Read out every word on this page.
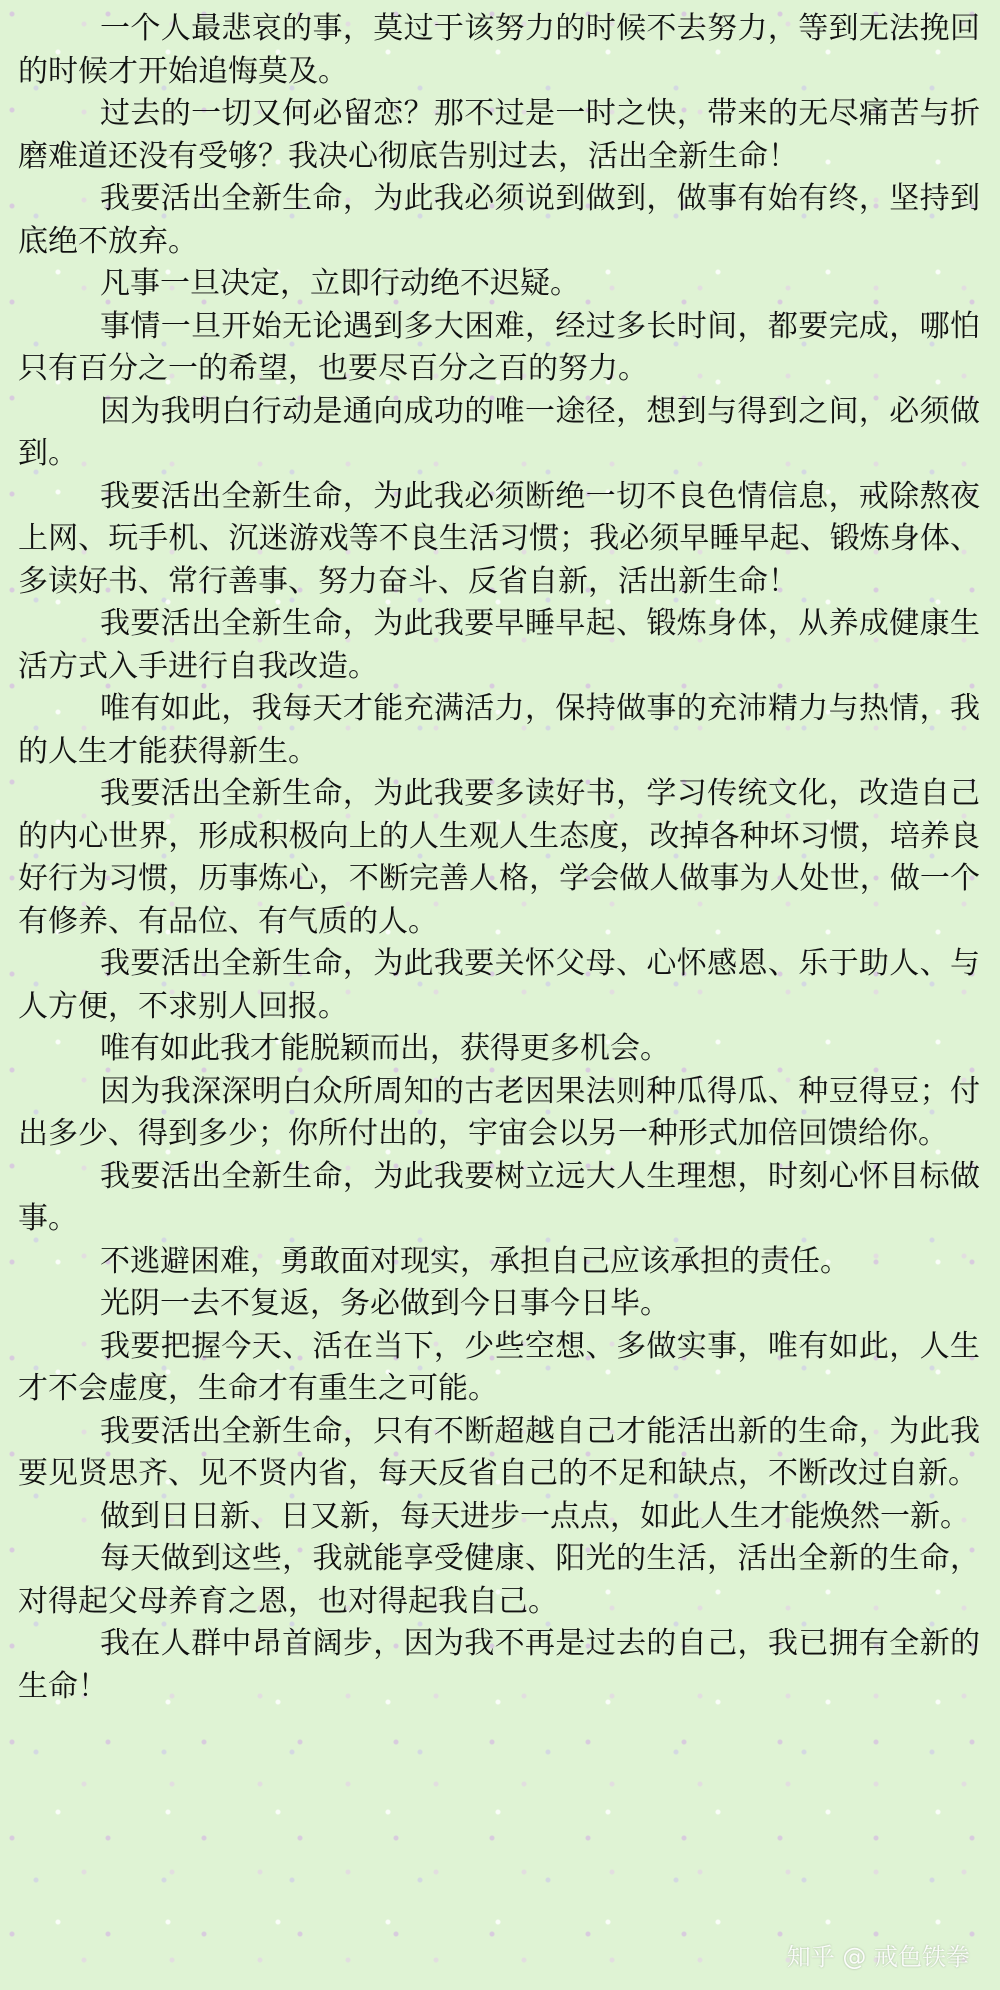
一个人最悲哀的事，莫过于该努力的时候不去努力，等到无法挽回的时候才开始追悔莫及。

过去的一切又何必留恋？那不过是一时之快，带来的无尽痛苦与折磨难道还没有受够？我决心彻底告别过去，活出全新生命！

我要活出全新生命，为此我必须说到做到，做事有始有终，坚持到底绝不放弃。

凡事一旦决定，立即行动绝不迟疑。

事情一旦开始无论遇到多大困难，经过多长时间，都要完成，哪怕只有百分之一的希望，也要尽百分之百的努力。

因为我明白行动是通向成功的唯一途径，想到与得到之间，必须做到。

我要活出全新生命，为此我必须断绝一切不良色情信息，戒除熬夜上网、玩手机、沉迷游戏等不良生活习惯；我必须早睡早起、锻炼身体、多读好书、常行善事、努力奋斗、反省自新，活出新生命！

我要活出全新生命，为此我要早睡早起、锻炼身体，从养成健康生活方式入手进行自我改造。

唯有如此，我每天才能充满活力，保持做事的充沛精力与热情，我的人生才能获得新生。

我要活出全新生命，为此我要多读好书，学习传统文化，改造自己的内心世界，形成积极向上的人生观人生态度，改掉各种坏习惯，培养良好行为习惯，历事炼心，不断完善人格，学会做人做事为人处世，做一个有修养、有品位、有气质的人。

我要活出全新生命，为此我要关怀父母、心怀感恩、乐于助人、与人方便，不求别人回报。

唯有如此我才能脱颖而出，获得更多机会。

因为我深深明白众所周知的古老因果法则种瓜得瓜、种豆得豆；付出多少、得到多少；你所付出的，宇宙会以另一种形式加倍回馈给你。

我要活出全新生命，为此我要树立远大人生理想，时刻心怀目标做事。

不逃避困难，勇敢面对现实，承担自己应该承担的责任。

光阴一去不复返，务必做到今日事今日毕。

我要把握今天、活在当下，少些空想、多做实事，唯有如此，人生才不会虚度，生命才有重生之可能。

我要活出全新生命，只有不断超越自己才能活出新的生命，为此我要见贤思齐、见不贤内省，每天反省自己的不足和缺点，不断改过自新。

做到日日新、日又新，每天进步一点点，如此人生才能焕然一新。

每天做到这些，我就能享受健康、阳光的生活，活出全新的生命，对得起父母养育之恩，也对得起我自己。

我在人群中昂首阔步，因为我不再是过去的自己，我已拥有全新的生命！

知乎 @ 戒色铁拳
